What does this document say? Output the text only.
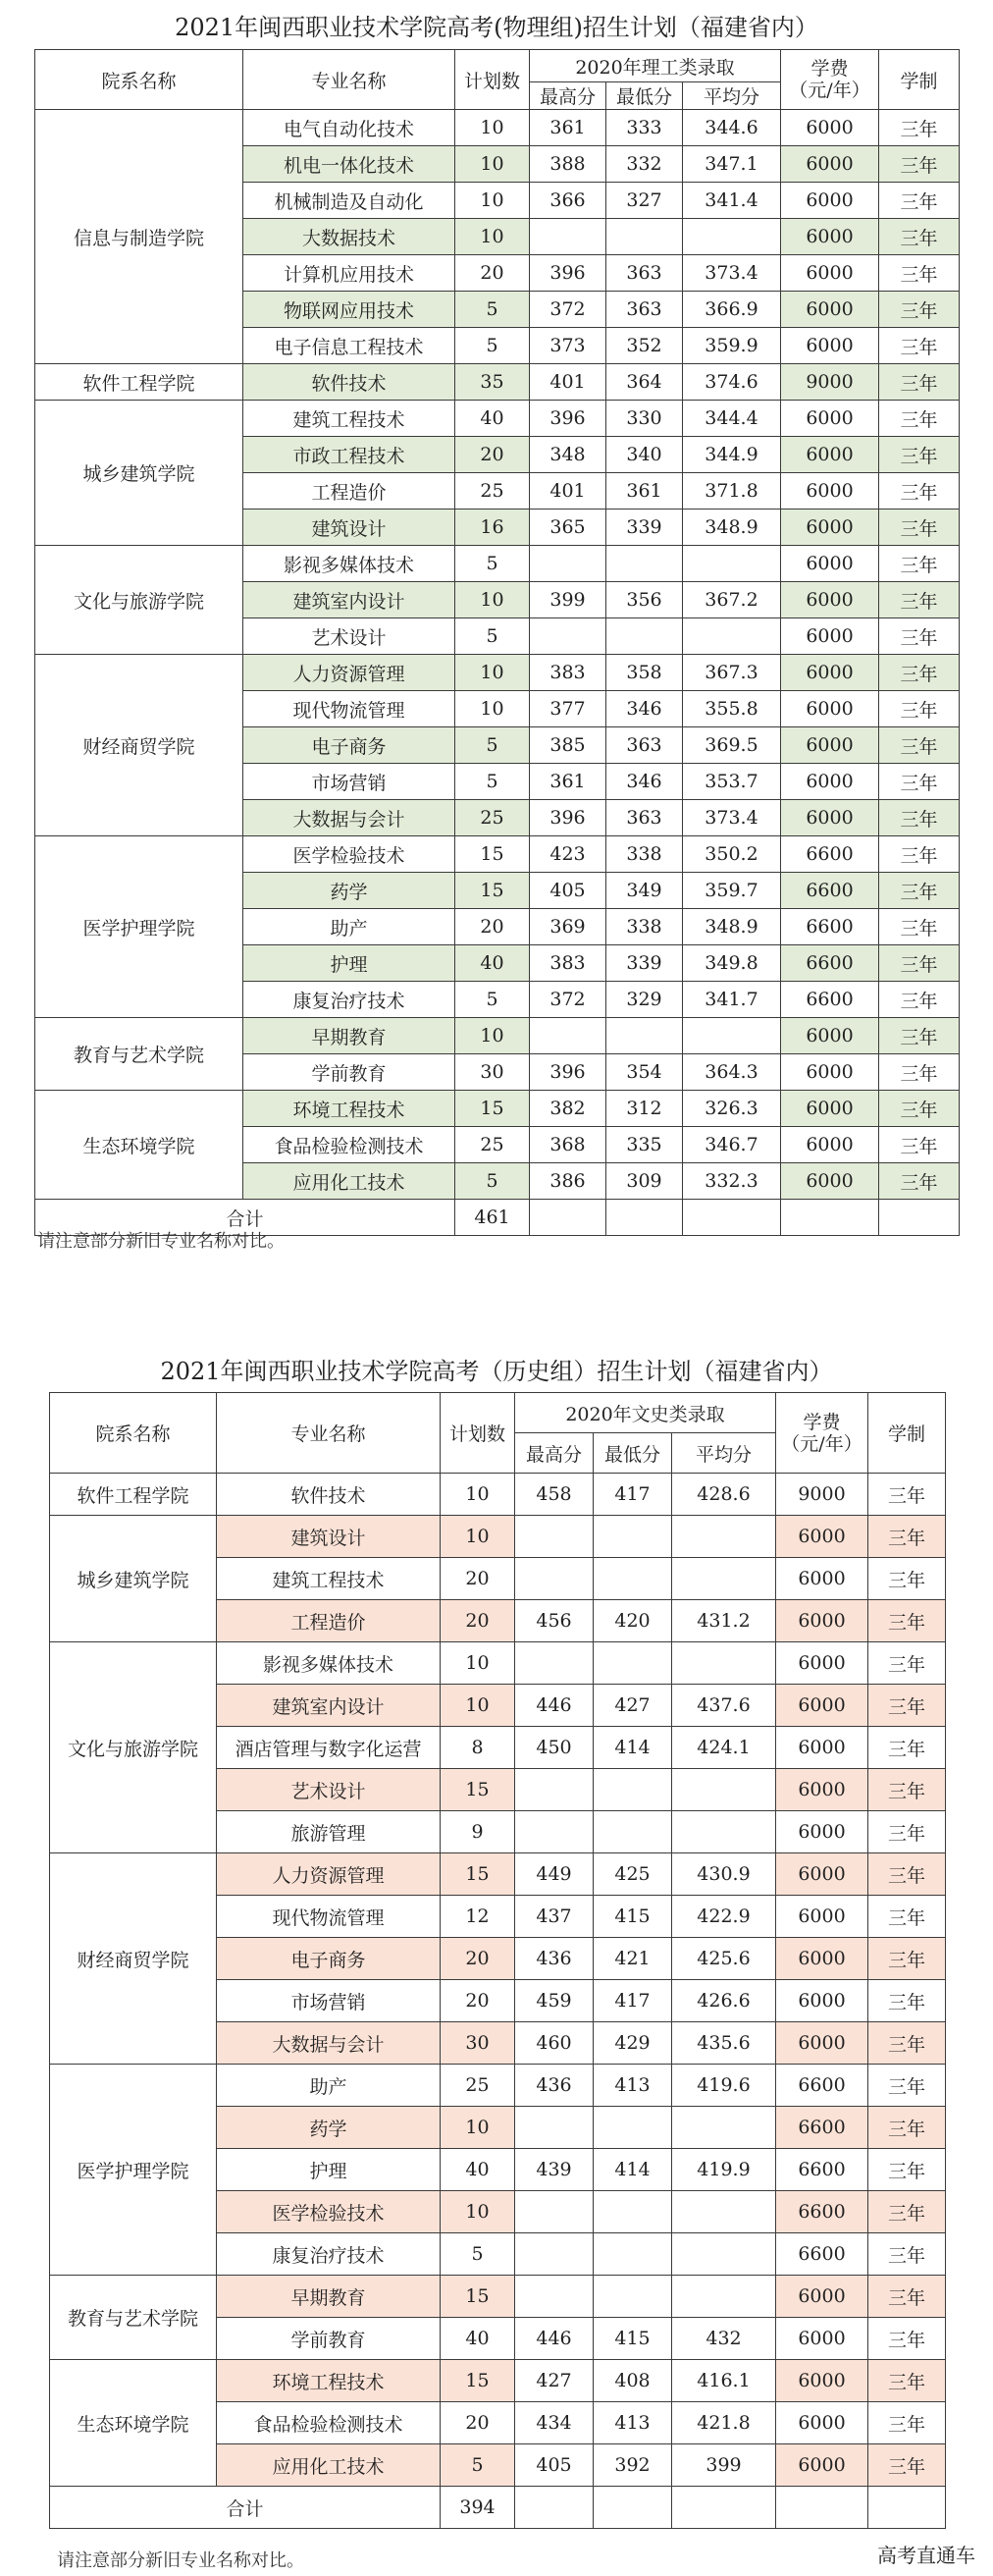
2021年闽西职业技术学院高考(物理组)招生计划（福建省内）
院系名称	专业名称	计划数	2020年理工类录取			学费
（元/年）	学制
			最高分	最低分	平均分		
信息与制造学院	电气自动化技术	10	361	333	344.6	6000	三年
	机电一体化技术	10	388	332	347.1	6000	三年
	机械制造及自动化	10	366	327	341.4	6000	三年
	大数据技术	10				6000	三年
	计算机应用技术	20	396	363	373.4	6000	三年
	物联网应用技术	5	372	363	366.9	6000	三年
	电子信息工程技术	5	373	352	359.9	6000	三年
软件工程学院	软件技术	35	401	364	374.6	9000	三年
城乡建筑学院	建筑工程技术	40	396	330	344.4	6000	三年
	市政工程技术	20	348	340	344.9	6000	三年
	工程造价	25	401	361	371.8	6000	三年
	建筑设计	16	365	339	348.9	6000	三年
文化与旅游学院	影视多媒体技术	5				6000	三年
	建筑室内设计	10	399	356	367.2	6000	三年
	艺术设计	5				6000	三年
财经商贸学院	人力资源管理	10	383	358	367.3	6000	三年
	现代物流管理	10	377	346	355.8	6000	三年
	电子商务	5	385	363	369.5	6000	三年
	市场营销	5	361	346	353.7	6000	三年
	大数据与会计	25	396	363	373.4	6000	三年
医学护理学院	医学检验技术	15	423	338	350.2	6600	三年
	药学	15	405	349	359.7	6600	三年
	助产	20	369	338	348.9	6600	三年
	护理	40	383	339	349.8	6600	三年
	康复治疗技术	5	372	329	341.7	6600	三年
教育与艺术学院	早期教育	10				6000	三年
	学前教育	30	396	354	364.3	6000	三年
生态环境学院	环境工程技术	15	382	312	326.3	6000	三年
	食品检验检测技术	25	368	335	346.7	6000	三年
	应用化工技术	5	386	309	332.3	6000	三年
合计		461					
请注意部分新旧专业名称对比。
2021年闽西职业技术学院高考（历史组）招生计划（福建省内）
院系名称	专业名称	计划数	2020年文史类录取			学费
（元/年）	学制
			最高分	最低分	平均分		
软件工程学院	软件技术	10	458	417	428.6	9000	三年
城乡建筑学院	建筑设计	10				6000	三年
	建筑工程技术	20				6000	三年
	工程造价	20	456	420	431.2	6000	三年
文化与旅游学院	影视多媒体技术	10				6000	三年
	建筑室内设计	10	446	427	437.6	6000	三年
	酒店管理与数字化运营	8	450	414	424.1	6000	三年
	艺术设计	15				6000	三年
	旅游管理	9				6000	三年
财经商贸学院	人力资源管理	15	449	425	430.9	6000	三年
	现代物流管理	12	437	415	422.9	6000	三年
	电子商务	20	436	421	425.6	6000	三年
	市场营销	20	459	417	426.6	6000	三年
	大数据与会计	30	460	429	435.6	6000	三年
医学护理学院	助产	25	436	413	419.6	6600	三年
	药学	10				6600	三年
	护理	40	439	414	419.9	6600	三年
	医学检验技术	10				6600	三年
	康复治疗技术	5				6600	三年
教育与艺术学院	早期教育	15				6000	三年
	学前教育	40	446	415	432	6000	三年
生态环境学院	环境工程技术	15	427	408	416.1	6000	三年
	食品检验检测技术	20	434	413	421.8	6000	三年
	应用化工技术	5	405	392	399	6000	三年
合计		394					
请注意部分新旧专业名称对比。	高考直通车
